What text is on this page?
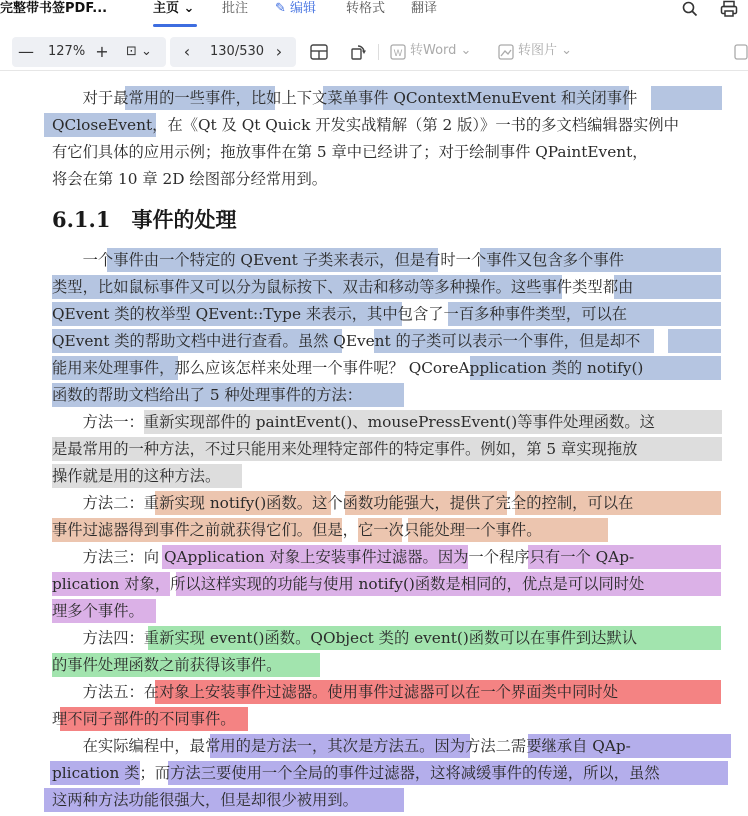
完整带书签PDF...	主页 ⌄ 批注 ✎ 编辑 转格式 翻译
—	127% +	⊡ ⌄	‹	130/530 ›	W 转Word ⌄	转图片 ⌄
　　对于最常用的一些事件，比如上下文菜单事件 QContextMenuEvent 和关闭事件
QCloseEvent，在《Qt 及 Qt Quick 开发实战精解（第 2 版）》一书的多文档编辑器实例中
有它们具体的应用示例；拖放事件在第 5 章中已经讲了；对于绘制事件 QPaintEvent，
将会在第 10 章 2D 绘图部分经常用到。
6.1.1　事件的处理
　　一个事件由一个特定的 QEvent 子类来表示，但是有时一个事件又包含多个事件
类型，比如鼠标事件又可以分为鼠标按下、双击和移动等多种操作。这些事件类型都由
QEvent 类的枚举型 QEvent::Type 来表示，其中包含了一百多种事件类型，可以在
QEvent 类的帮助文档中进行查看。虽然 QEvent 的子类可以表示一个事件，但是却不
能用来处理事件，那么应该怎样来处理一个事件呢？ QCoreApplication 类的 notify()
函数的帮助文档给出了 5 种处理事件的方法：
　　方法一：重新实现部件的 paintEvent()、mousePressEvent()等事件处理函数。这
是最常用的一种方法，不过只能用来处理特定部件的特定事件。例如，第 5 章实现拖放
操作就是用的这种方法。
　　方法二：重新实现 notify()函数。这个函数功能强大，提供了完全的控制，可以在
事件过滤器得到事件之前就获得它们。但是，它一次只能处理一个事件。
　　方法三：向 QApplication 对象上安装事件过滤器。因为一个程序只有一个 QAp-
plication 对象，所以这样实现的功能与使用 notify()函数是相同的，优点是可以同时处
理多个事件。
　　方法四：重新实现 event()函数。QObject 类的 event()函数可以在事件到达默认
的事件处理函数之前获得该事件。
　　方法五：在对象上安装事件过滤器。使用事件过滤器可以在一个界面类中同时处
理不同子部件的不同事件。
　　在实际编程中，最常用的是方法一，其次是方法五。因为方法二需要继承自 QAp-
plication 类；而方法三要使用一个全局的事件过滤器，这将减缓事件的传递，所以，虽然
这两种方法功能很强大，但是却很少被用到。
